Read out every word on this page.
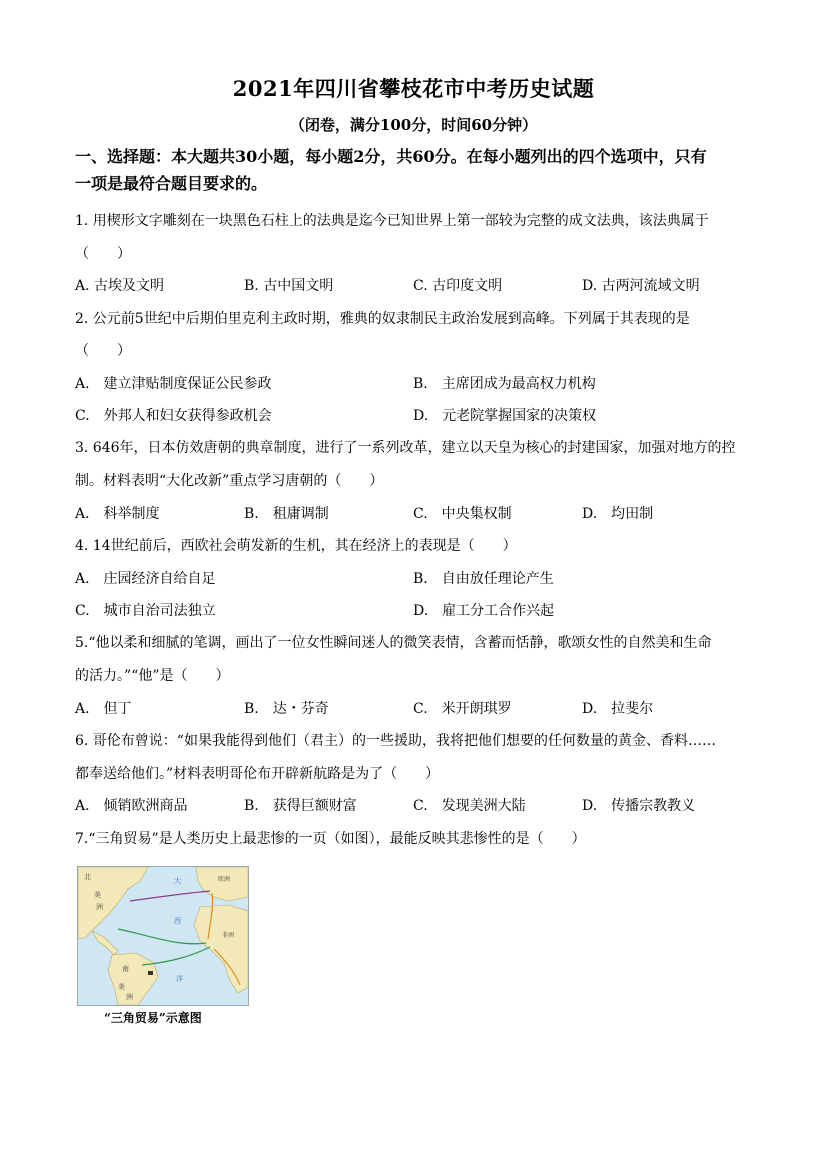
2021年四川省攀枝花市中考历史试题
（闭卷，满分100分，时间60分钟）
一、选择题：本大题共30小题，每小题2分，共60分。在每小题列出的四个选项中，只有
一项是最符合题目要求的。
1. 用楔形文字雕刻在一块黑色石柱上的法典是迄今已知世界上第一部较为完整的成文法典，该法典属于
（　　）
A. 古埃及文明	B. 古中国文明	C. 古印度文明	D. 古两河流域文明
2. 公元前5世纪中后期伯里克利主政时期，雅典的奴隶制民主政治发展到高峰。下列属于其表现的是
（　　）
A.　建立津贴制度保证公民参政	B.　主席团成为最高权力机构
C.　外邦人和妇女获得参政机会	D.　元老院掌握国家的决策权
3. 646年，日本仿效唐朝的典章制度，进行了一系列改革，建立以天皇为核心的封建国家，加强对地方的控
制。材料表明“大化改新”重点学习唐朝的（　　）
A.　科举制度	B.　租庸调制	C.　中央集权制	D.　均田制
4. 14世纪前后，西欧社会萌发新的生机，其在经济上的表现是（　　）
A.　庄园经济自给自足	B.　自由放任理论产生
C.　城市自治司法独立	D.　雇工分工合作兴起
5.“他以柔和细腻的笔调，画出了一位女性瞬间迷人的微笑表情，含蓄而恬静，歌颂女性的自然美和生命
的活力。”“他”是（　　）
A.　但丁	B.　达・芬奇	C.　米开朗琪罗	D.　拉斐尔
6. 哥伦布曾说：“如果我能得到他们（君主）的一些援助，我将把他们想要的任何数量的黄金、香料……
都奉送给他们。”材料表明哥伦布开辟新航路是为了（　　）
A.　倾销欧洲商品	B.　获得巨额财富	C.　发现美洲大陆	D.　传播宗教教义
7.“三角贸易”是人类历史上最悲惨的一页（如图），最能反映其悲惨性的是（　　）
北
美
洲
大
西
洋
南
美
洲
欧洲
非洲
“三角贸易”示意图
